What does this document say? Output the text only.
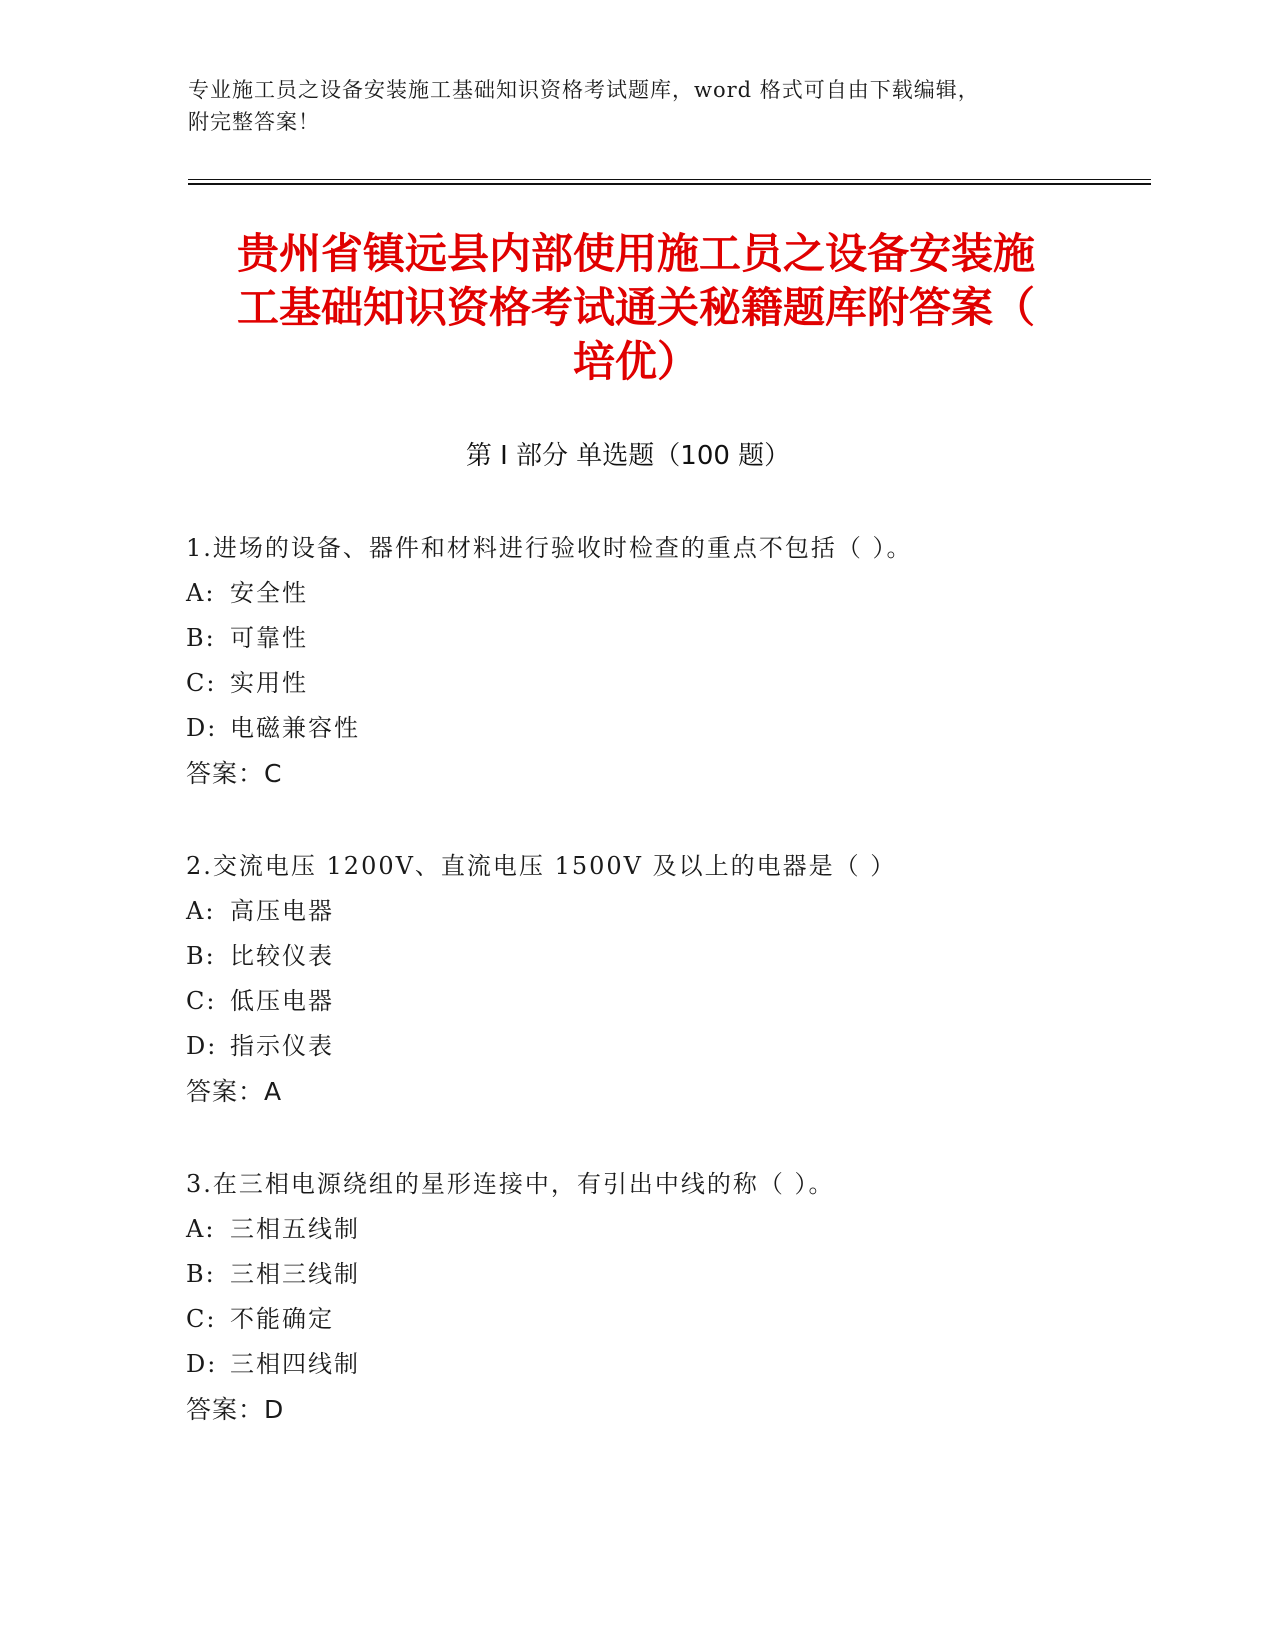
专业施工员之设备安装施工基础知识资格考试题库，word 格式可自由下载编辑，
附完整答案！
贵州省镇远县内部使用施工员之设备安装施
工基础知识资格考试通关秘籍题库附答案（
培优）
第 I 部分 单选题（100 题）
1.进场的设备、器件和材料进行验收时检查的重点不包括（ ）。
A: 安全性
B: 可靠性
C: 实用性
D: 电磁兼容性
答案：C
2.交流电压 1200V、直流电压 1500V 及以上的电器是（ ）
A: 高压电器
B: 比较仪表
C: 低压电器
D: 指示仪表
答案：A
3.在三相电源绕组的星形连接中，有引出中线的称（ ）。
A: 三相五线制
B: 三相三线制
C: 不能确定
D: 三相四线制
答案：D
